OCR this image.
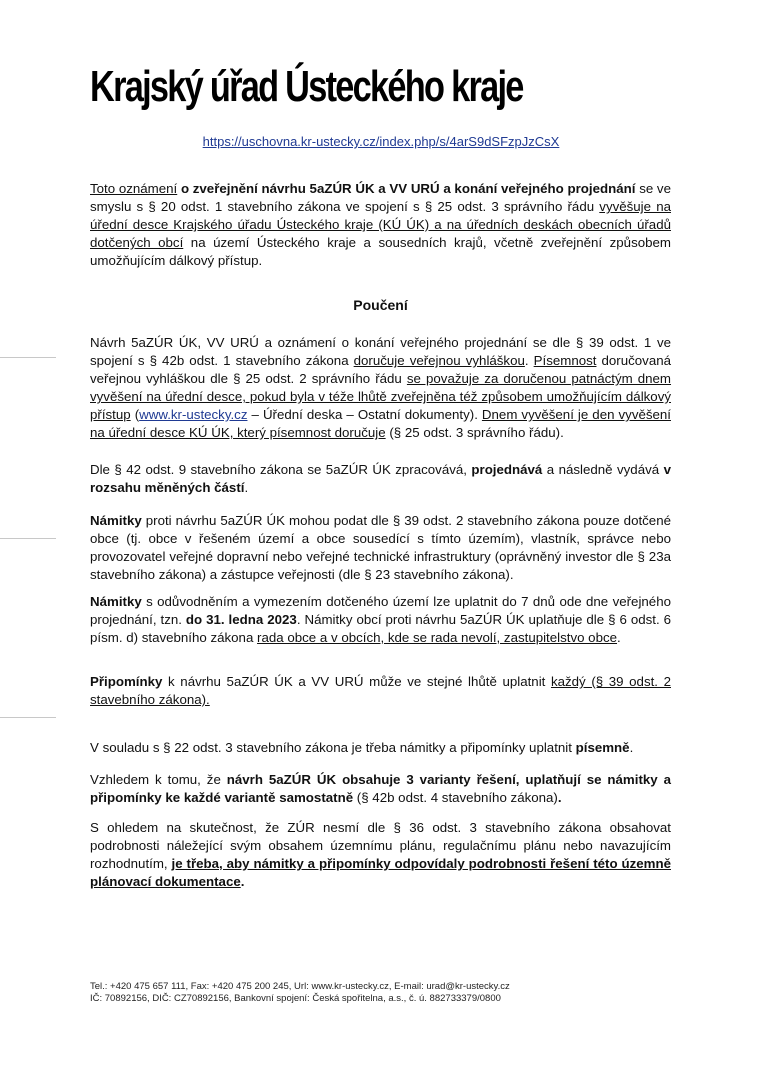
Krajský úřad Ústeckého kraje
https://uschovna.kr-ustecky.cz/index.php/s/4arS9dSFzpJzCsX
Toto oznámení o zveřejnění návrhu 5aZÚR ÚK a VV URÚ a konání veřejného projednání se ve smyslu s § 20 odst. 1 stavebního zákona ve spojení s § 25 odst. 3 správního řádu vyvěšuje na úřední desce Krajského úřadu Ústeckého kraje (KÚ ÚK) a na úředních deskách obecních úřadů dotčených obcí na území Ústeckého kraje a sousedních krajů, včetně zveřejnění způsobem umožňujícím dálkový přístup.
Poučení
Návrh 5aZÚR ÚK, VV URÚ a oznámení o konání veřejného projednání se dle § 39 odst. 1 ve spojení s § 42b odst. 1 stavebního zákona doručuje veřejnou vyhláškou. Písemnost doručovaná veřejnou vyhláškou dle § 25 odst. 2 správního řádu se považuje za doručenou patnáctým dnem vyvěšení na úřední desce, pokud byla v téže lhůtě zveřejněna též způsobem umožňujícím dálkový přístup (www.kr-ustecky.cz – Úřední deska – Ostatní dokumenty). Dnem vyvěšení je den vyvěšení na úřední desce KÚ ÚK, který písemnost doručuje (§ 25 odst. 3 správního řádu).
Dle § 42 odst. 9 stavebního zákona se 5aZÚR ÚK zpracovává, projednává a následně vydává v rozsahu měněných částí.
Námitky proti návrhu 5aZÚR ÚK mohou podat dle § 39 odst. 2 stavebního zákona pouze dotčené obce (tj. obce v řešeném území a obce sousedící s tímto územím), vlastník, správce nebo provozovatel veřejné dopravní nebo veřejné technické infrastruktury (oprávněný investor dle § 23a stavebního zákona) a zástupce veřejnosti (dle § 23 stavebního zákona).
Námitky s odůvodněním a vymezením dotčeného území lze uplatnit do 7 dnů ode dne veřejného projednání, tzn. do 31. ledna 2023. Námitky obcí proti návrhu 5aZÚR ÚK uplatňuje dle § 6 odst. 6 písm. d) stavebního zákona rada obce a v obcích, kde se rada nevolí, zastupitelstvo obce.
Připomínky k návrhu 5aZÚR ÚK a VV URÚ může ve stejné lhůtě uplatnit každý (§ 39 odst. 2 stavebního zákona).
V souladu s § 22 odst. 3 stavebního zákona je třeba námitky a připomínky uplatnit písemně.
Vzhledem k tomu, že návrh 5aZÚR ÚK obsahuje 3 varianty řešení, uplatňují se námitky a připomínky ke každé variantě samostatně (§ 42b odst. 4 stavebního zákona).
S ohledem na skutečnost, že ZÚR nesmí dle § 36 odst. 3 stavebního zákona obsahovat podrobnosti náležející svým obsahem územnímu plánu, regulačnímu plánu nebo navazujícím rozhodnutím, je třeba, aby námitky a připomínky odpovídaly podrobnosti řešení této územně plánovací dokumentace.
Tel.: +420 475 657 111, Fax: +420 475 200 245, Url: www.kr-ustecky.cz, E-mail: urad@kr-ustecky.cz
IČ: 70892156, DIČ: CZ70892156, Bankovní spojení: Česká spořitelna, a.s., č. ú. 882733379/0800
